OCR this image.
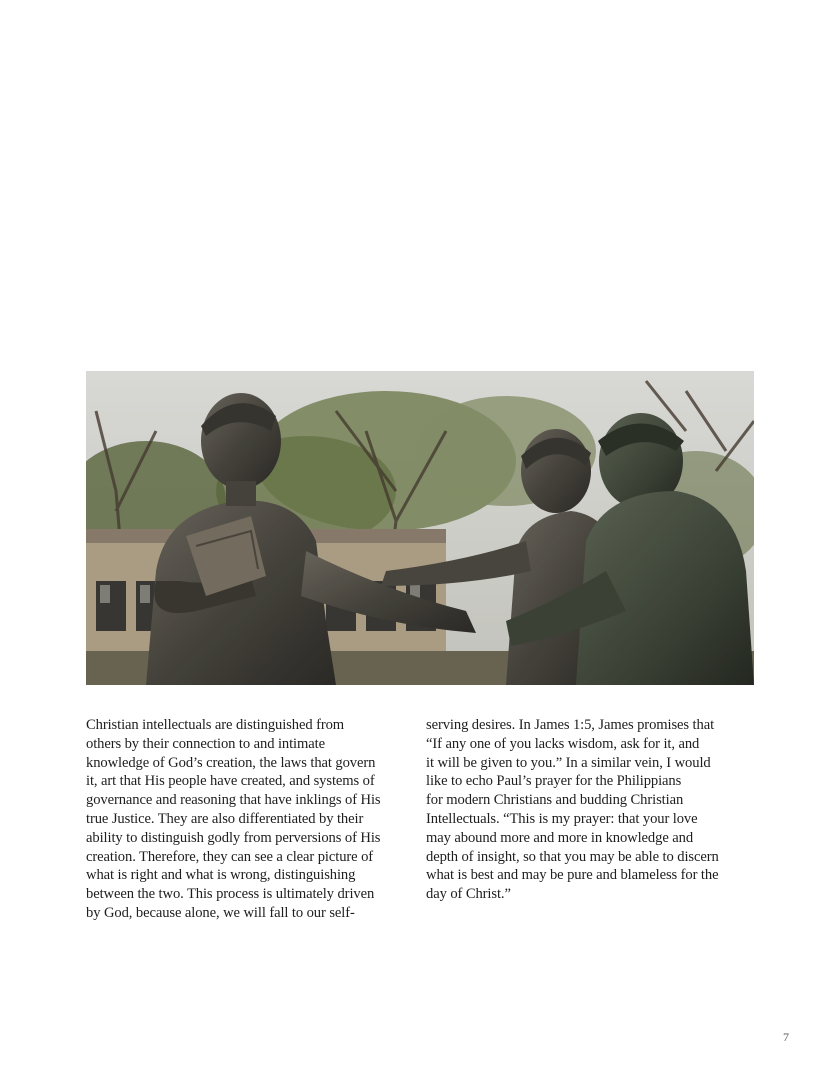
Christian intellectuals are distinguished from
others by their connection to and intimate
knowledge of God’s creation, the laws that govern
it, art that His people have created, and systems of
governance and reasoning that have inklings of His
true Justice. They are also differentiated by their
ability to distinguish godly from perversions of His
creation. Therefore, they can see a clear picture of
what is right and what is wrong, distinguishing
between the two. This process is ultimately driven
by God, because alone, we will fall to our self-

serving desires. In James 1:5, James promises that
“If any one of you lacks wisdom, ask for it, and
it will be given to you.” In a similar vein, I would
like to echo Paul’s prayer for the Philippians
for modern Christians and budding Christian
Intellectuals. “This is my prayer: that your love
may abound more and more in knowledge and
depth of insight, so that you may be able to discern
what is best and may be pure and blameless for the
day of Christ.”

7
